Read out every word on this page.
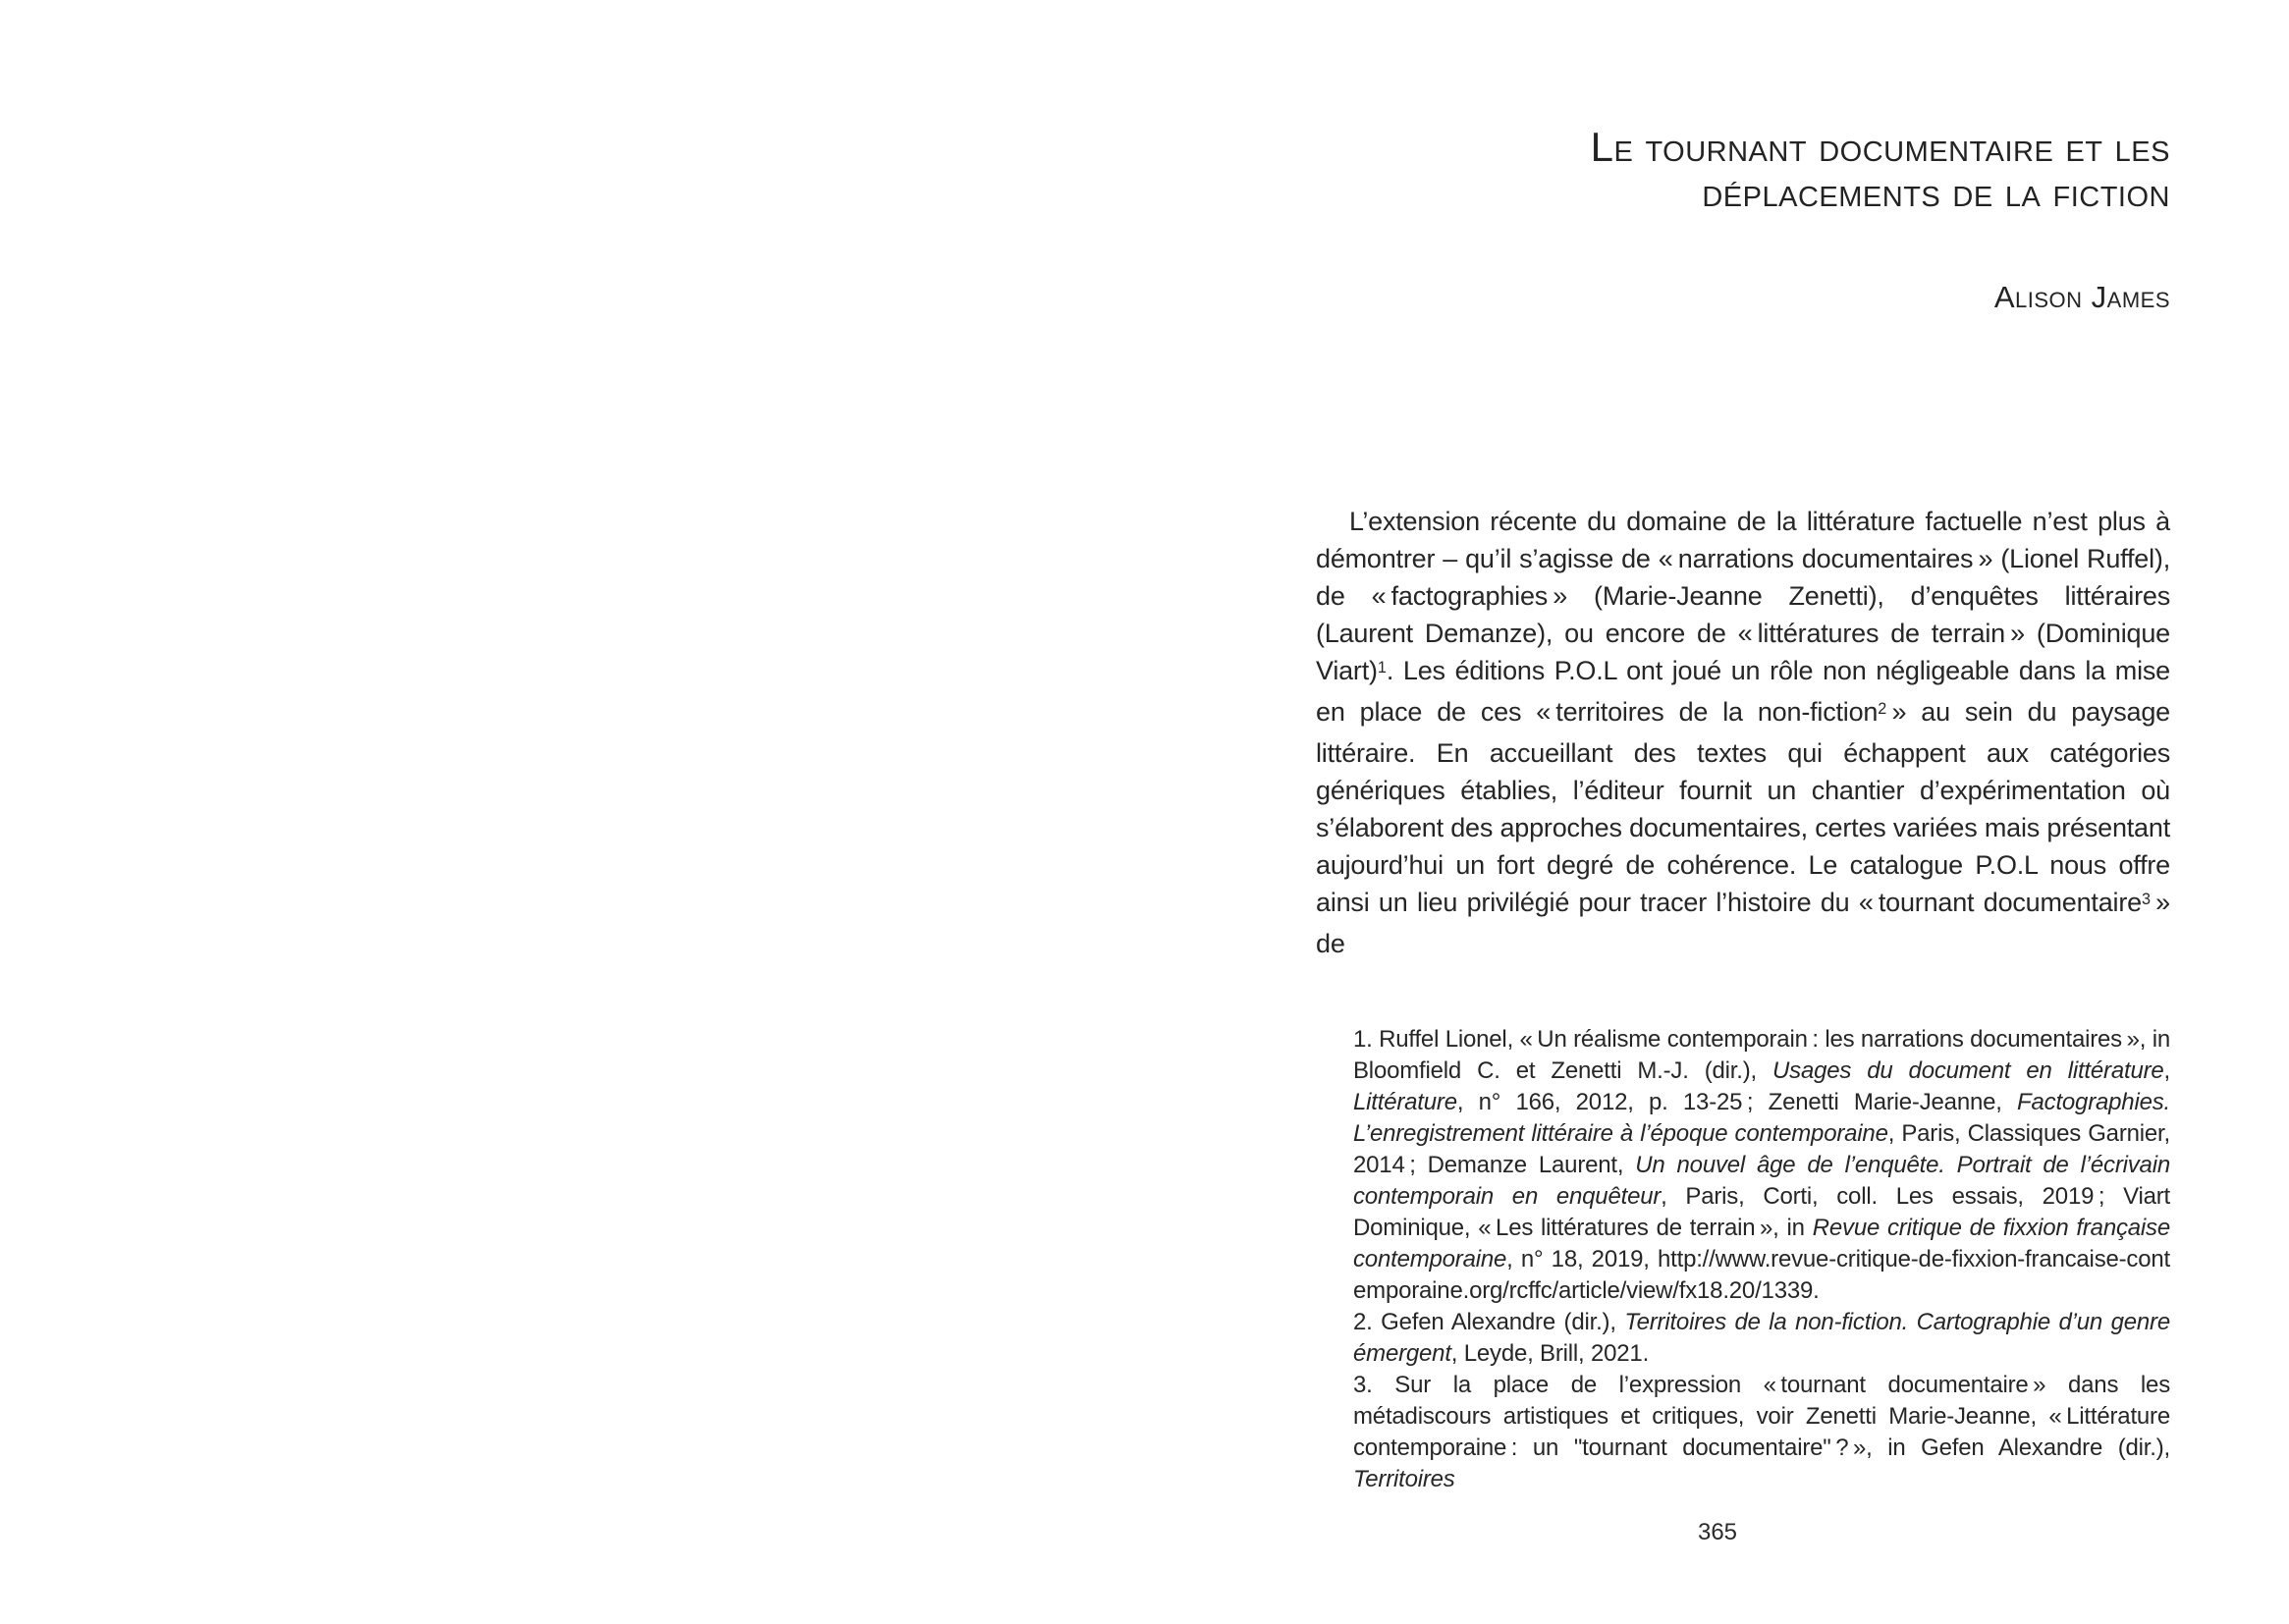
Le tournant documentaire et les
déplacements de la fiction
Alison James

L’extension récente du domaine de la littérature factuelle n’est plus à démontrer – qu’il s’agisse de « narrations documentaires » (Lionel Ruffel), de « factographies » (Marie-Jeanne Zenetti), d’enquêtes littéraires (Laurent Demanze), ou encore de « littératures de terrain » (Dominique Viart)$^1$. Les éditions P.O.L ont joué un rôle non négligeable dans la mise en place de ces « territoires de la non-fiction$^2$ » au sein du paysage littéraire. En accueillant des textes qui échappent aux catégories génériques établies, l’éditeur fournit un chantier d’expérimentation où s’élaborent des approches documentaires, certes variées mais présentant aujourd’hui un fort degré de cohérence. Le catalogue P.O.L nous offre ainsi un lieu privilégié pour tracer l’histoire du « tournant documentaire$^3$ » de

1. Ruffel Lionel, « Un réalisme contemporain : les narrations documentaires », in Bloomfield C. et Zenetti M.-J. (dir.), Usages du document en littérature, Littérature, n° 166, 2012, p. 13-25 ; Zenetti Marie-Jeanne, Factographies. L’enregistrement littéraire à l’époque contemporaine, Paris, Classiques Garnier, 2014 ; Demanze Laurent, Un nouvel âge de l’enquête. Portrait de l’écrivain contemporain en enquêteur, Paris, Corti, coll. Les essais, 2019 ; Viart Dominique, « Les littératures de terrain », in Revue critique de fixxion française contemporaine, n° 18, 2019, http://www.revue-critique-de-fixxion-francaise-contemporaine.org/rcffc/article/view/fx18.20/1339.

2. Gefen Alexandre (dir.), Territoires de la non-fiction. Cartographie d’un genre émergent, Leyde, Brill, 2021.

3. Sur la place de l’expression « tournant documentaire » dans les métadiscours artistiques et critiques, voir Zenetti Marie-Jeanne, « Littérature contemporaine : un "tournant documentaire" ? », in Gefen Alexandre (dir.), Territoires

365
